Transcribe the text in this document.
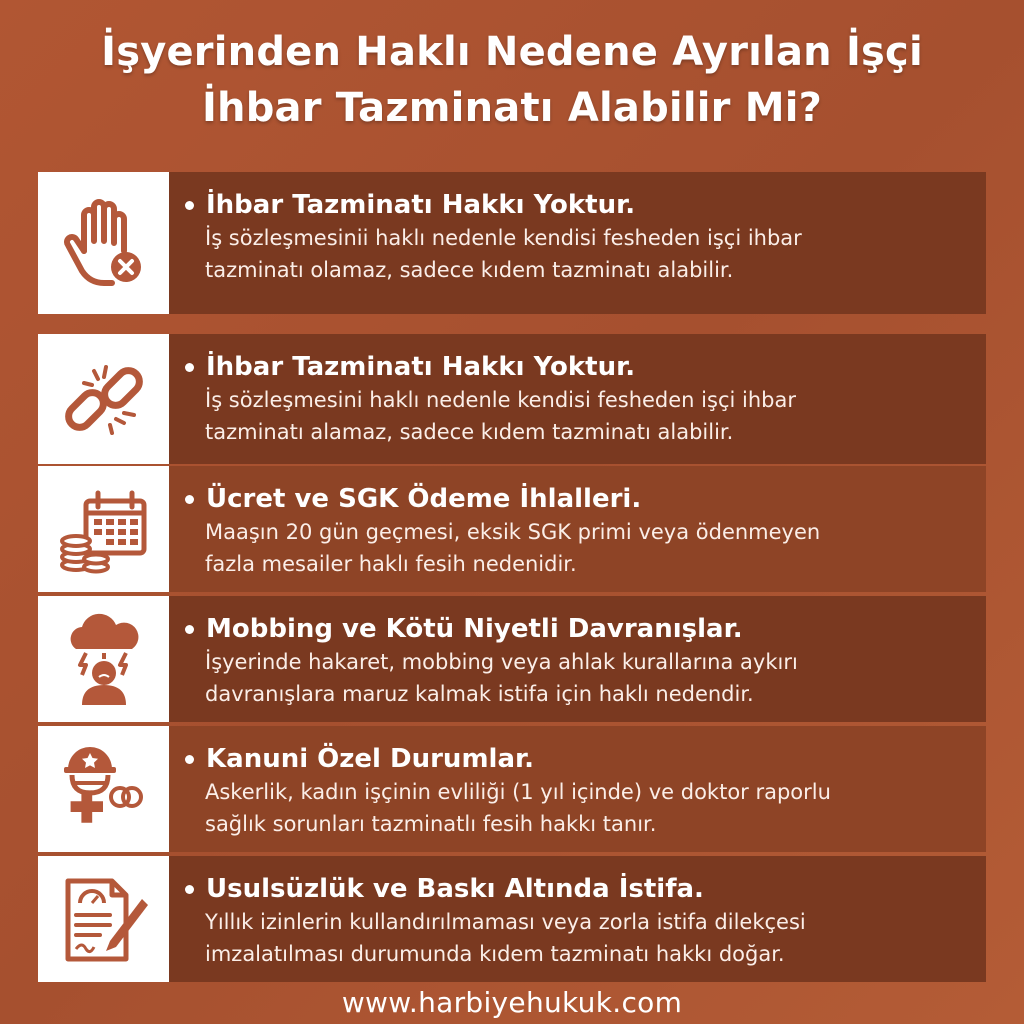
İşyerinden Haklı Nedene Ayrılan İşçi
İhbar Tazminatı Alabilir Mi?
İhbar Tazminatı Hakkı Yoktur.
İş sözleşmesinii haklı nedenle kendisi fesheden işçi ihbar
tazminatı olamaz, sadece kıdem tazminatı alabilir.
İhbar Tazminatı Hakkı Yoktur.
İş sözleşmesini haklı nedenle kendisi fesheden işçi ihbar
tazminatı alamaz, sadece kıdem tazminatı alabilir.
Ücret ve SGK Ödeme İhlalleri.
Maaşın 20 gün geçmesi, eksik SGK primi veya ödenmeyen
fazla mesailer haklı fesih nedenidir.
Mobbing ve Kötü Niyetli Davranışlar.
İşyerinde hakaret, mobbing veya ahlak kurallarına aykırı
davranışlara maruz kalmak istifa için haklı nedendir.
Kanuni Özel Durumlar.
Askerlik, kadın işçinin evliliği (1 yıl içinde) ve doktor raporlu
sağlık sorunları tazminatlı fesih hakkı tanır.
Usulsüzlük ve Baskı Altında İstifa.
Yıllık izinlerin kullandırılmaması veya zorla istifa dilekçesi
imzalatılması durumunda kıdem tazminatı hakkı doğar.
www.harbiyehukuk.com
